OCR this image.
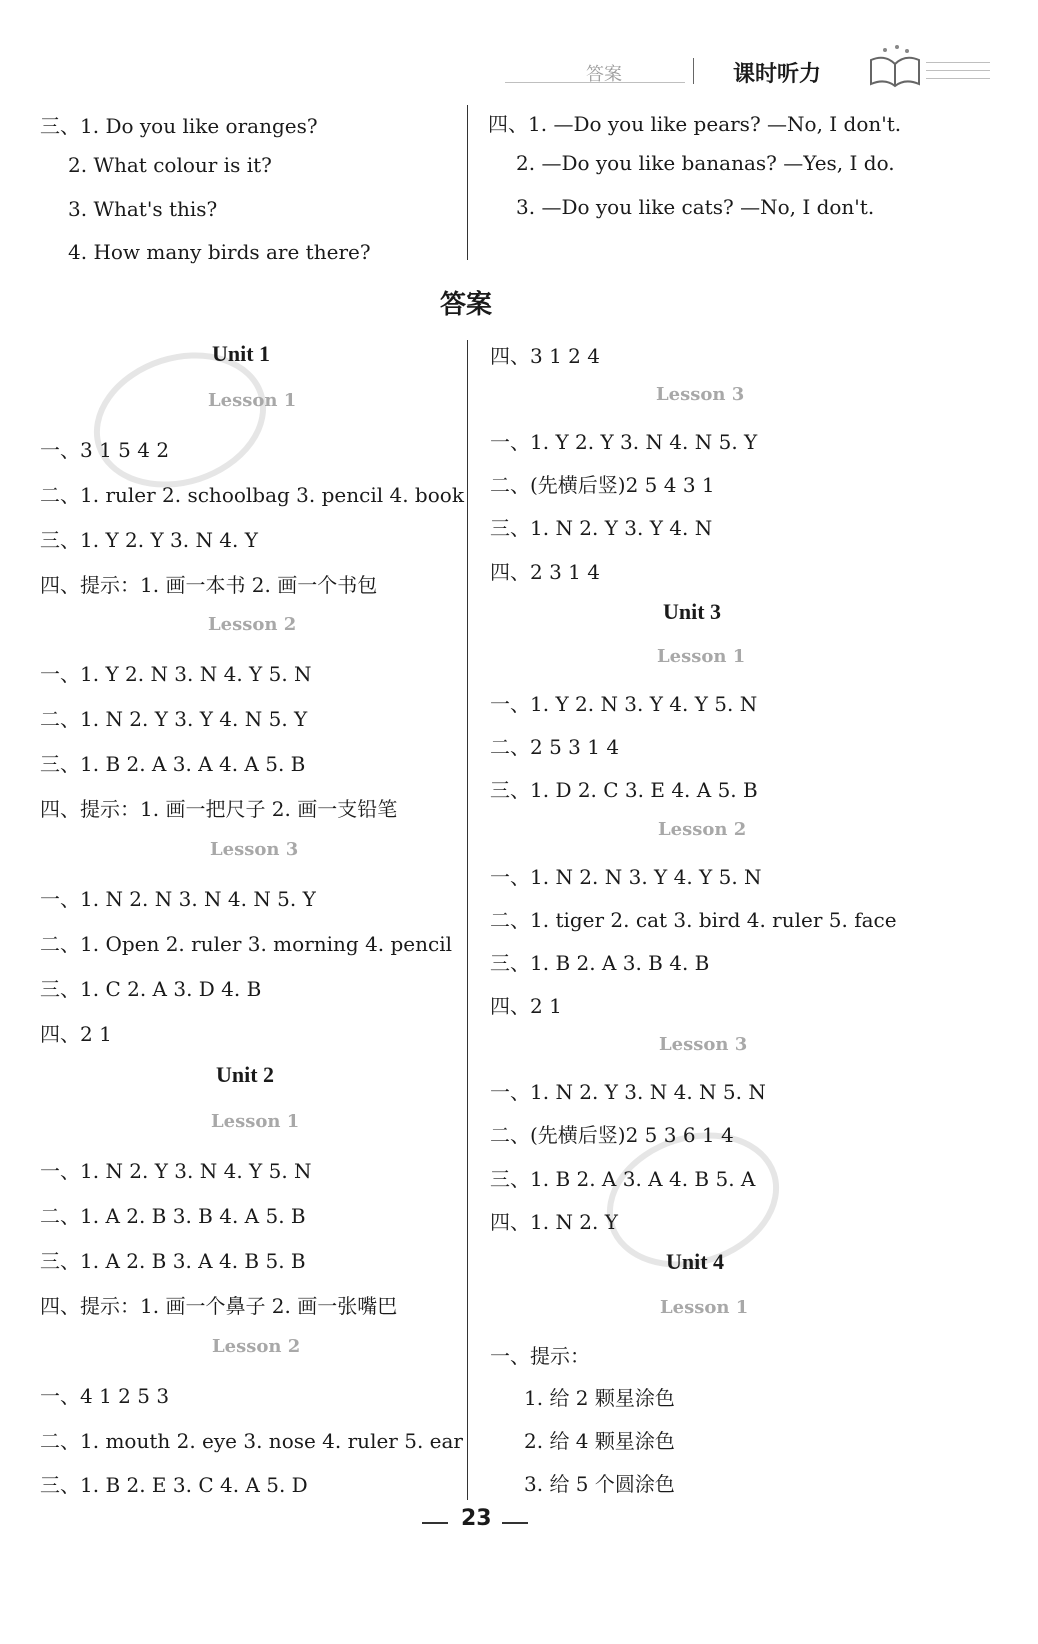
答案	课时听力
三、1. Do you like oranges?
2. What colour is it?
3. What's this?
4. How many birds are there?
四、1. —Do you like pears? —No, I don't.
2. —Do you like bananas? —Yes, I do.
3. —Do you like cats? —No, I don't.
答案
Unit 1
Lesson 1
一、3 1 5 4 2
二、1. ruler 2. schoolbag 3. pencil 4. book
三、1. Y 2. Y 3. N 4. Y
四、提示：1. 画一本书 2. 画一个书包
Lesson 2
一、1. Y 2. N 3. N 4. Y 5. N
二、1. N 2. Y 3. Y 4. N 5. Y
三、1. B 2. A 3. A 4. A 5. B
四、提示：1. 画一把尺子 2. 画一支铅笔
Lesson 3
一、1. N 2. N 3. N 4. N 5. Y
二、1. Open 2. ruler 3. morning 4. pencil
三、1. C 2. A 3. D 4. B
四、2 1
Unit 2
Lesson 1
一、1. N 2. Y 3. N 4. Y 5. N
二、1. A 2. B 3. B 4. A 5. B
三、1. A 2. B 3. A 4. B 5. B
四、提示：1. 画一个鼻子 2. 画一张嘴巴
Lesson 2
一、4 1 2 5 3
二、1. mouth 2. eye 3. nose 4. ruler 5. ear
三、1. B 2. E 3. C 4. A 5. D
四、3 1 2 4
Lesson 3
一、1. Y 2. Y 3. N 4. N 5. Y
二、(先横后竖)2 5 4 3 1
三、1. N 2. Y 3. Y 4. N
四、2 3 1 4
Unit 3
Lesson 1
一、1. Y 2. N 3. Y 4. Y 5. N
二、2 5 3 1 4
三、1. D 2. C 3. E 4. A 5. B
Lesson 2
一、1. N 2. N 3. Y 4. Y 5. N
二、1. tiger 2. cat 3. bird 4. ruler 5. face
三、1. B 2. A 3. B 4. B
四、2 1
Lesson 3
一、1. N 2. Y 3. N 4. N 5. N
二、(先横后竖)2 5 3 6 1 4
三、1. B 2. A 3. A 4. B 5. A
四、1. N 2. Y
Unit 4
Lesson 1
一、提示：
1. 给 2 颗星涂色
2. 给 4 颗星涂色
3. 给 5 个圆涂色
23
